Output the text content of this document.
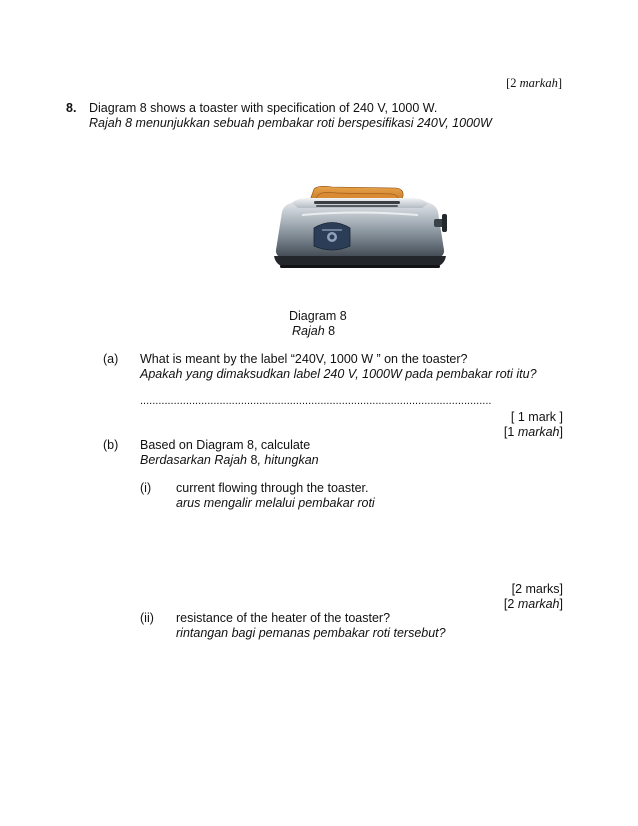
[2 markah]
8. Diagram 8 shows a toaster with specification of 240 V, 1000 W.
Rajah 8 menunjukkan sebuah pembakar roti berspesifikasi 240V, 1000W
Diagram 8
Rajah 8
(a) What is meant by the label “240V, 1000 W ” on the toaster?
Apakah yang dimaksudkan label 240 V, 1000W pada pembakar roti itu?
...................................................................................................................
[ 1 mark ]
[1 markah]
(b) Based on Diagram 8, calculate
Berdasarkan Rajah 8, hitungkan
(i) current flowing through the toaster.
arus mengalir melalui pembakar roti
[2 marks]
[2 markah]
(ii) resistance of the heater of the toaster?
rintangan bagi pemanas pembakar roti tersebut?
